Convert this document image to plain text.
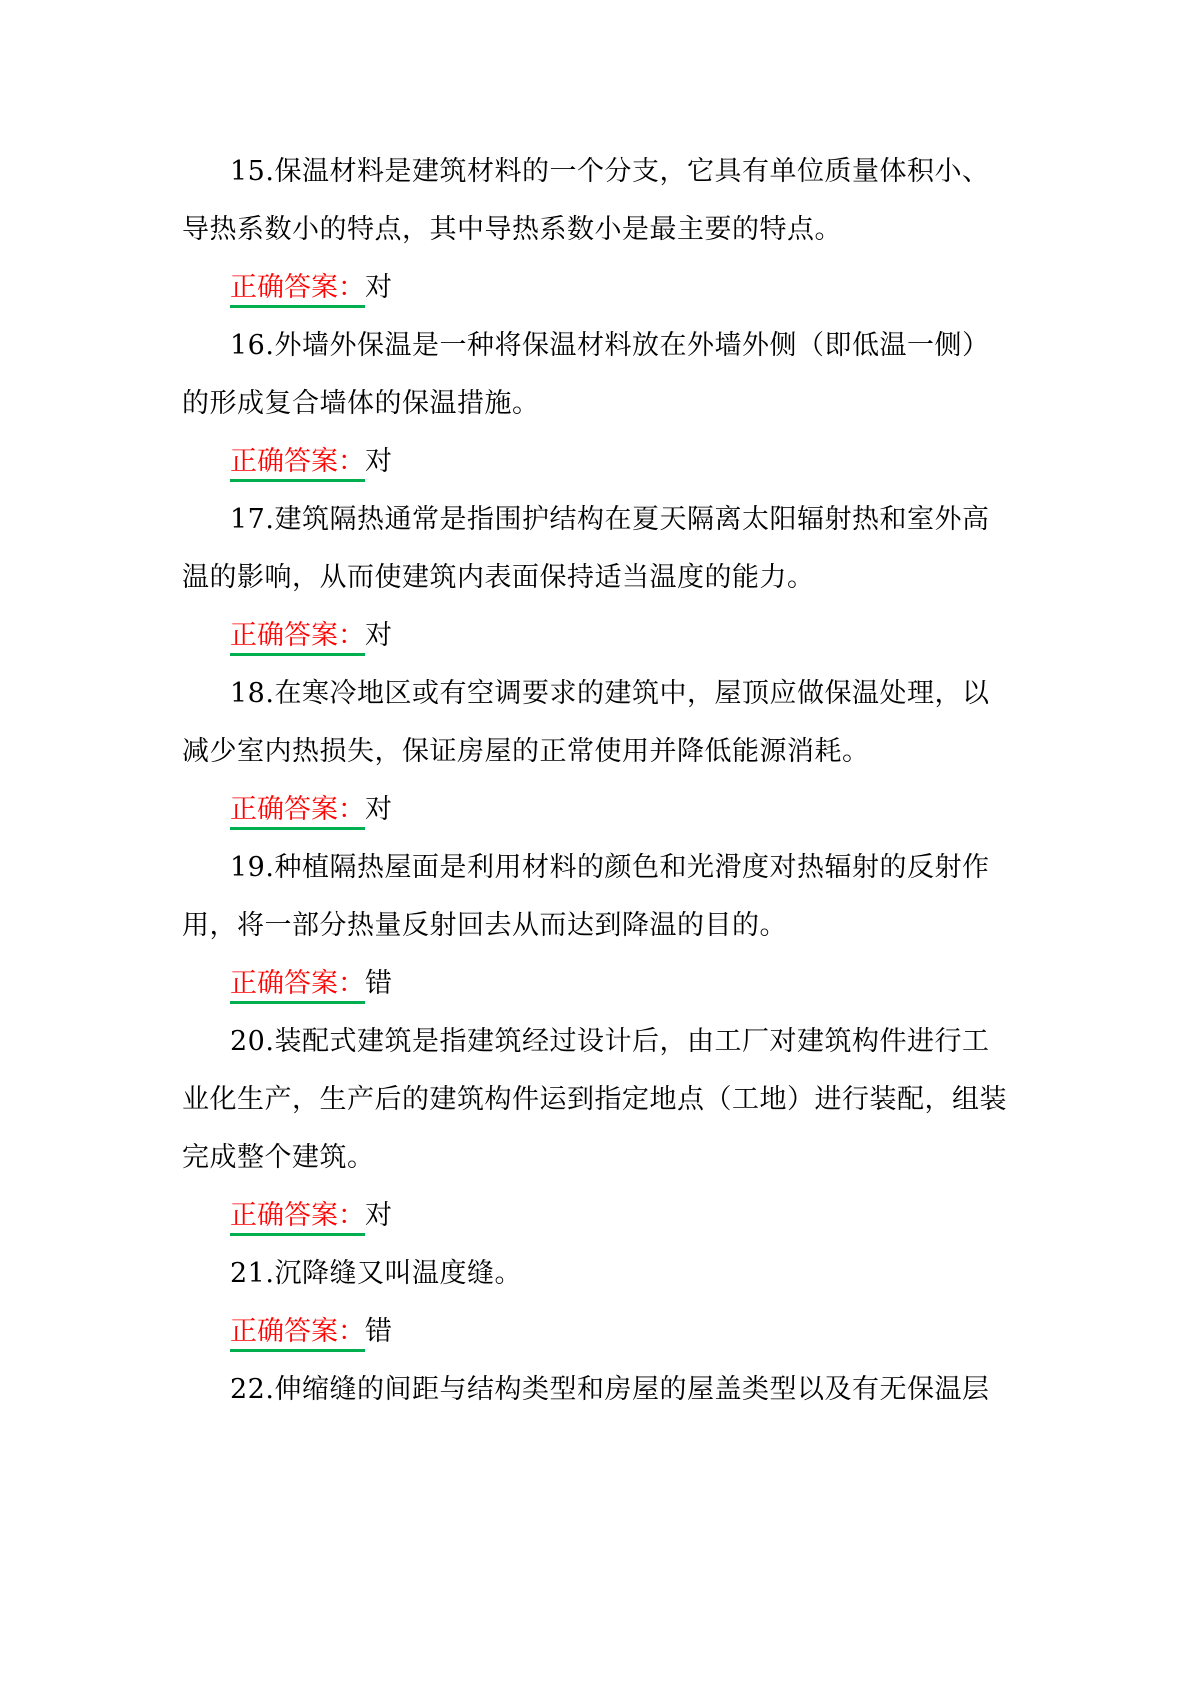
15.保温材料是建筑材料的一个分支，它具有单位质量体积小、
导热系数小的特点，其中导热系数小是最主要的特点。
正确答案：对
16.外墙外保温是一种将保温材料放在外墙外侧（即低温一侧）
的形成复合墙体的保温措施。
正确答案：对
17.建筑隔热通常是指围护结构在夏天隔离太阳辐射热和室外高
温的影响，从而使建筑内表面保持适当温度的能力。
正确答案：对
18.在寒冷地区或有空调要求的建筑中，屋顶应做保温处理，以
减少室内热损失，保证房屋的正常使用并降低能源消耗。
正确答案：对
19.种植隔热屋面是利用材料的颜色和光滑度对热辐射的反射作
用，将一部分热量反射回去从而达到降温的目的。
正确答案：错
20.装配式建筑是指建筑经过设计后，由工厂对建筑构件进行工
业化生产，生产后的建筑构件运到指定地点（工地）进行装配，组装
完成整个建筑。
正确答案：对
21.沉降缝又叫温度缝。
正确答案：错
22.伸缩缝的间距与结构类型和房屋的屋盖类型以及有无保温层
